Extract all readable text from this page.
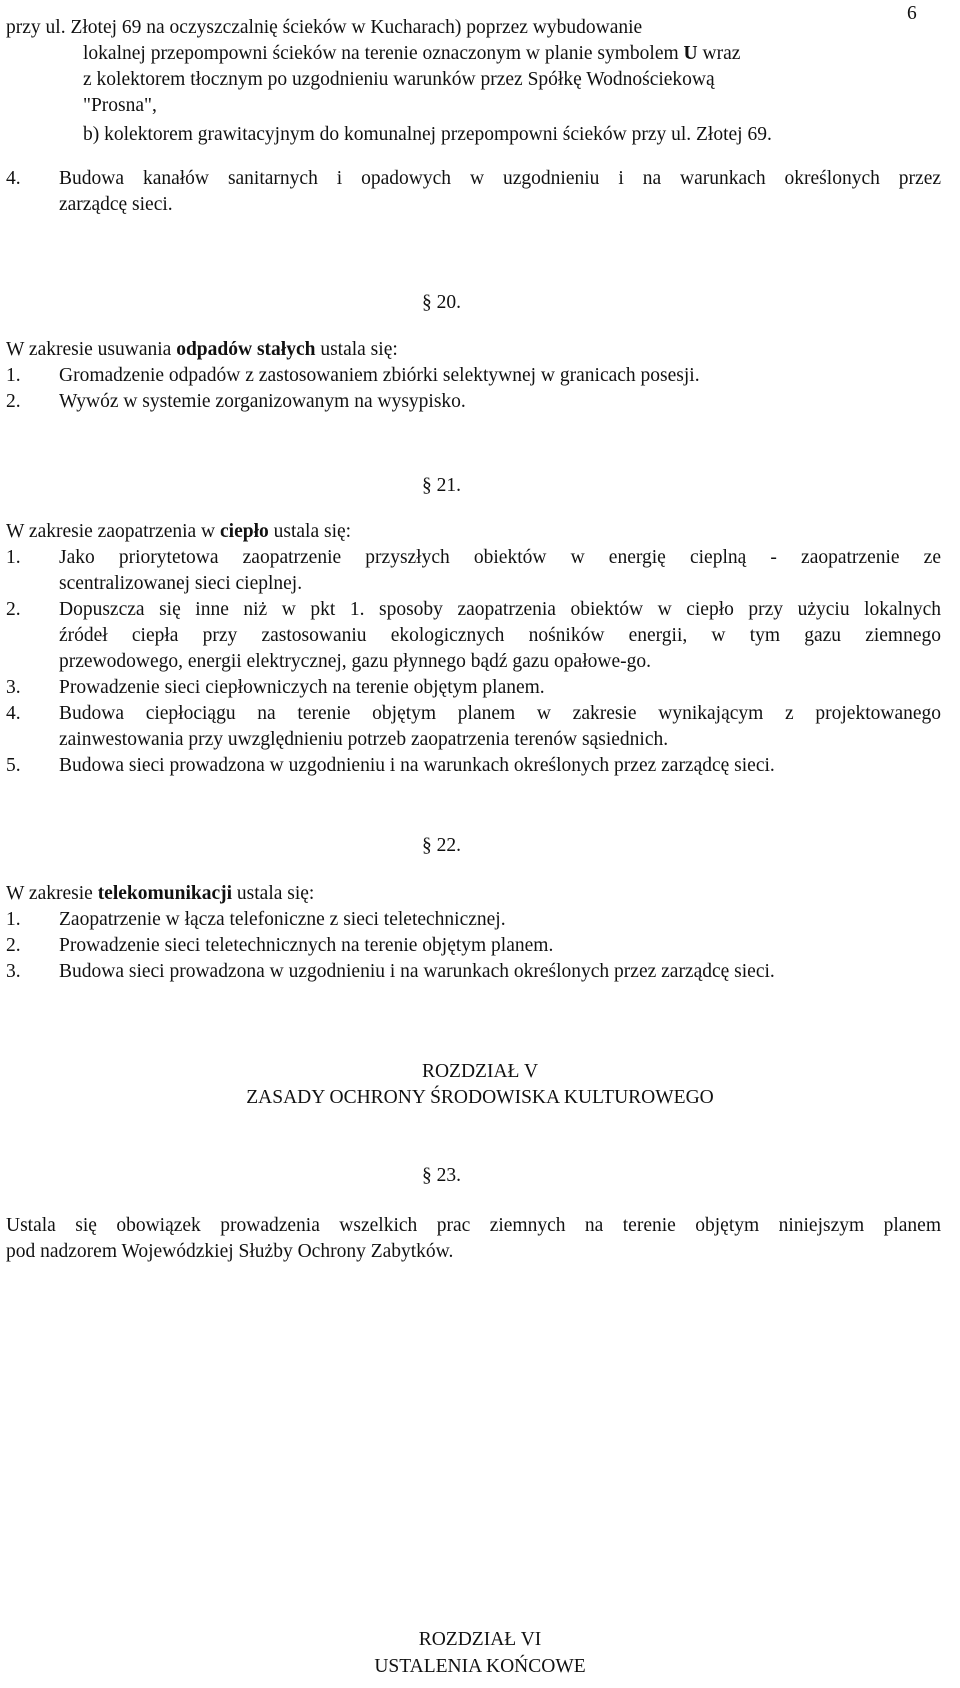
6
przy ul. Złotej 69 na oczyszczalnię ścieków w Kucharach) poprzez wybudowanie
lokalnej przepompowni ścieków na terenie oznaczonym w planie symbolem U wraz
z kolektorem tłocznym po uzgodnieniu warunków przez Spółkę Wodnościekową
"Prosna",
b) kolektorem grawitacyjnym do komunalnej przepompowni ścieków przy ul. Złotej 69.
4. Budowa kanałów sanitarnych i opadowych w uzgodnieniu i na warunkach określonych przez
zarządcę sieci.
§ 20.
W zakresie usuwania odpadów stałych ustala się:
1. Gromadzenie odpadów z zastosowaniem zbiórki selektywnej w granicach posesji.
2. Wywóz w systemie zorganizowanym na wysypisko.
§ 21.
W zakresie zaopatrzenia w ciepło ustala się:
1. Jako priorytetowa zaopatrzenie przyszłych obiektów w energię cieplną - zaopatrzenie ze
scentralizowanej sieci cieplnej.
2. Dopuszcza się inne niż w pkt 1. sposoby zaopatrzenia obiektów w ciepło przy użyciu lokalnych
źródeł ciepła przy zastosowaniu ekologicznych nośników energii, w tym gazu ziemnego
przewodowego, energii elektrycznej, gazu płynnego bądź gazu opałowe-go.
3. Prowadzenie sieci ciepłowniczych na terenie objętym planem.
4. Budowa ciepłociągu na terenie objętym planem w zakresie wynikającym z projektowanego
zainwestowania przy uwzględnieniu potrzeb zaopatrzenia terenów sąsiednich.
5. Budowa sieci prowadzona w uzgodnieniu i na warunkach określonych przez zarządcę sieci.
§ 22.
W zakresie telekomunikacji ustala się:
1. Zaopatrzenie w łącza telefoniczne z sieci teletechnicznej.
2. Prowadzenie sieci teletechnicznych na terenie objętym planem.
3. Budowa sieci prowadzona w uzgodnieniu i na warunkach określonych przez zarządcę sieci.
ROZDZIAŁ V
ZASADY OCHRONY ŚRODOWISKA KULTUROWEGO
§ 23.
Ustala się obowiązek prowadzenia wszelkich prac ziemnych na terenie objętym niniejszym planem
pod nadzorem Wojewódzkiej Służby Ochrony Zabytków.
ROZDZIAŁ VI
USTALENIA KOŃCOWE
